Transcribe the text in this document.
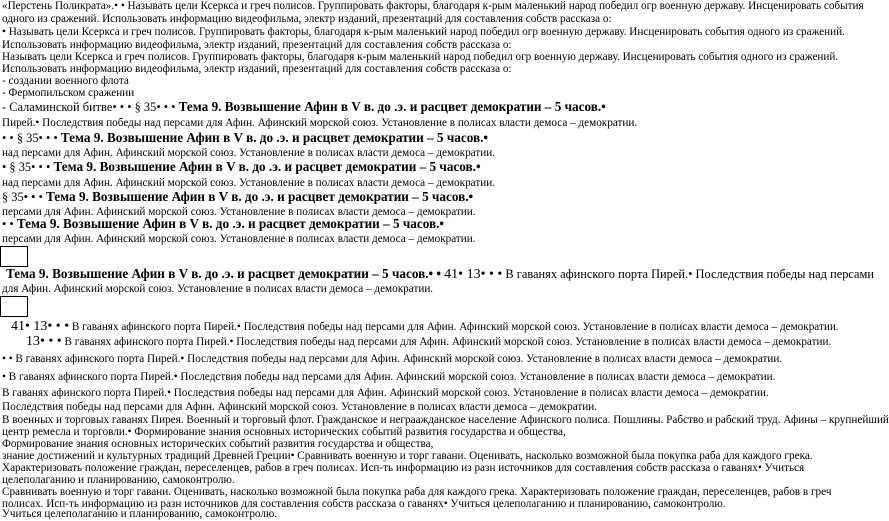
«Перстень Поликрата».• • Называть цели Ксеркса и греч полисов. Группировать факторы, благодаря к-рым маленький народ победил огр военную державу. Инсценировать события
одного из сражений. Использовать информацию видеофильма, электр изданий, презентаций для составления собств рассказа о:
• Называть цели Ксеркса и греч полисов. Группировать факторы, благодаря к-рым маленький народ победил огр военную державу. Инсценировать события одного из сражений.
Использовать информацию видеофильма, электр изданий, презентаций для составления собств рассказа о:
Называть цели Ксеркса и греч полисов. Группировать факторы, благодаря к-рым маленький народ победил огр военную державу. Инсценировать события одного из сражений.
Использовать информацию видеофильма, электр изданий, презентаций для составления собств рассказа о:
- создании военного флота
- Фермопильском сражении
- Саламинской битве• • • § 35• • • Тема 9. Возвышение Афин в V в. до .э. и расцвет демократии – 5 часов.•
Пирей.• Последствия победы над персами для Афин. Афинский морской союз. Установление в полисах власти демоса – демократии.
• • § 35• • • Тема 9. Возвышение Афин в V в. до .э. и расцвет демократии – 5 часов.•
над персами для Афин. Афинский морской союз. Установление в полисах власти демоса – демократии.
• § 35• • • Тема 9. Возвышение Афин в V в. до .э. и расцвет демократии – 5 часов.•
над персами для Афин. Афинский морской союз. Установление в полисах власти демоса – демократии.
§ 35• • • Тема 9. Возвышение Афин в V в. до .э. и расцвет демократии – 5 часов.•
персами для Афин. Афинский морской союз. Установление в полисах власти демоса – демократии.
• • Тема 9. Возвышение Афин в V в. до .э. и расцвет демократии – 5 часов.•
персами для Афин. Афинский морской союз. Установление в полисах власти демоса – демократии.
Тема 9. Возвышение Афин в V в. до .э. и расцвет демократии – 5 часов.• • 41• 13• • • В гаванях афинского порта Пирей.• Последствия победы над персами
для Афин. Афинский морской союз. Установление в полисах власти демоса – демократии.
41• 13• • • В гаванях афинского порта Пирей.• Последствия победы над персами для Афин. Афинский морской союз. Установление в полисах власти демоса – демократии.
13• • • В гаванях афинского порта Пирей.• Последствия победы над персами для Афин. Афинский морской союз. Установление в полисах власти демоса – демократии.
• • В гаванях афинского порта Пирей.• Последствия победы над персами для Афин. Афинский морской союз. Установление в полисах власти демоса – демократии.
• В гаванях афинского порта Пирей.• Последствия победы над персами для Афин. Афинский морской союз. Установление в полисах власти демоса – демократии.
В гаванях афинского порта Пирей.• Последствия победы над персами для Афин. Афинский морской союз. Установление в полисах власти демоса – демократии.
Последствия победы над персами для Афин. Афинский морской союз. Установление в полисах власти демоса – демократии.
В военных и торговых гаванях Пирея. Военный и торговый флот. Гражданское и неграажданское население Афинского полиса. Пошлины. Рабство и рабский труд. Афины – крупнейший
центр ремесла и торговли.• Формирование знания основных исторических событий развития государства и общества,
Формирование знания основных исторических событий развития государства и общества,
знание достижений и культурных традиций Древней Греции• Сравнивать военную и торг гавани. Оценивать, насколько возможной была покупка раба для каждого грека.
Характеризовать положение граждан, переселенцев, рабов в греч полисах. Исп-ть информацию из разн источников для составления собств рассказа о гаванях• Учиться
целеполаганию и планированию, самоконтролю.
Сравнивать военную и торг гавани. Оценивать, насколько возможной была покупка раба для каждого грека. Характеризовать положение граждан, переселенцев, рабов в греч
полисах. Исп-ть информацию из разн источников для составления собств рассказа о гаванях• Учиться целеполаганию и планированию, самоконтролю.
Учиться целеполаганию и планированию, самоконтролю.
